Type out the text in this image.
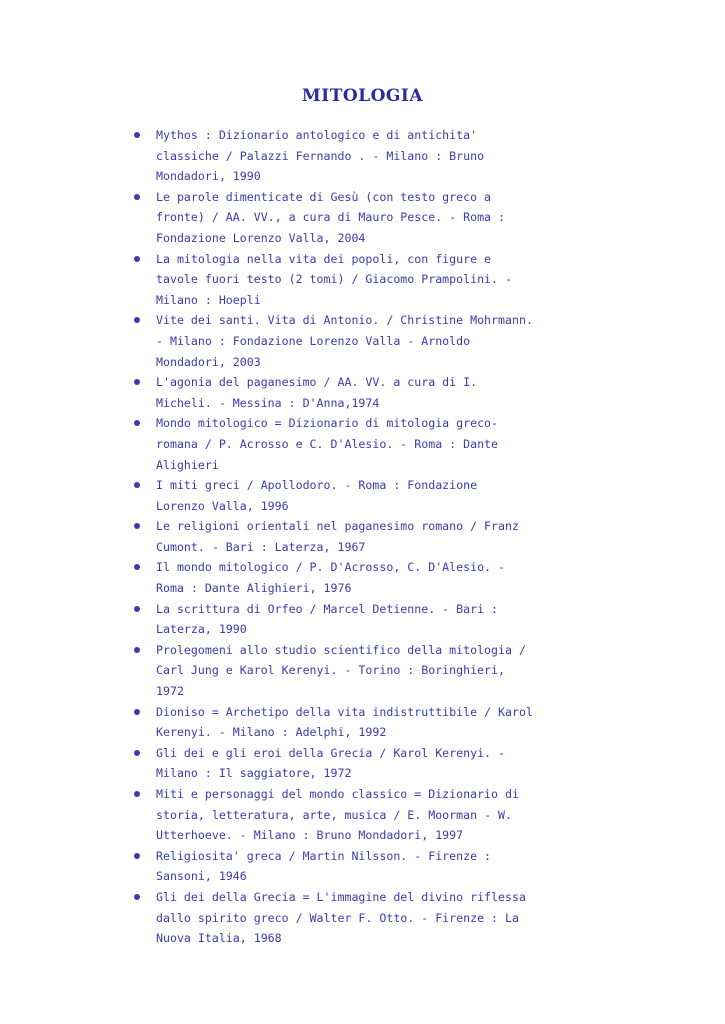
MITOLOGIA
Mythos : Dizionario antologico e di antichita'
classiche / Palazzi Fernando . - Milano : Bruno
Mondadori, 1990
Le parole dimenticate di Gesù (con testo greco a
fronte) / AA. VV., a cura di Mauro Pesce. - Roma :
Fondazione Lorenzo Valla, 2004
La mitologia nella vita dei popoli, con figure e
tavole fuori testo (2 tomi) / Giacomo Prampolini. -
Milano : Hoepli
Vite dei santi. Vita di Antonio. / Christine Mohrmann.
- Milano : Fondazione Lorenzo Valla - Arnoldo
Mondadori, 2003
L'agonia del paganesimo / AA. VV. a cura di I.
Micheli. - Messina : D'Anna,1974
Mondo mitologico = Dizionario di mitologia greco-
romana / P. Acrosso e C. D'Alesio. - Roma : Dante
Alighieri
I miti greci / Apollodoro. - Roma : Fondazione
Lorenzo Valla, 1996
Le religioni orientali nel paganesimo romano / Franz
Cumont. - Bari : Laterza, 1967
Il mondo mitologico / P. D'Acrosso, C. D'Alesio. -
Roma : Dante Alighieri, 1976
La scrittura di Orfeo / Marcel Detienne. - Bari :
Laterza, 1990
Prolegomeni allo studio scientifico della mitologia /
Carl Jung e Karol Kerenyi. - Torino : Boringhieri,
1972
Dioniso = Archetipo della vita indistruttibile / Karol
Kerenyi. - Milano : Adelphi, 1992
Gli dei e gli eroi della Grecia / Karol Kerenyi. -
Milano : Il saggiatore, 1972
Miti e personaggi del mondo classico = Dizionario di
storia, letteratura, arte, musica / E. Moorman - W.
Utterhoeve. - Milano : Bruno Mondadori, 1997
Religiosita' greca / Martin Nilsson. - Firenze :
Sansoni, 1946
Gli dei della Grecia = L'immagine del divino riflessa
dallo spirito greco / Walter F. Otto. - Firenze : La
Nuova Italia, 1968
